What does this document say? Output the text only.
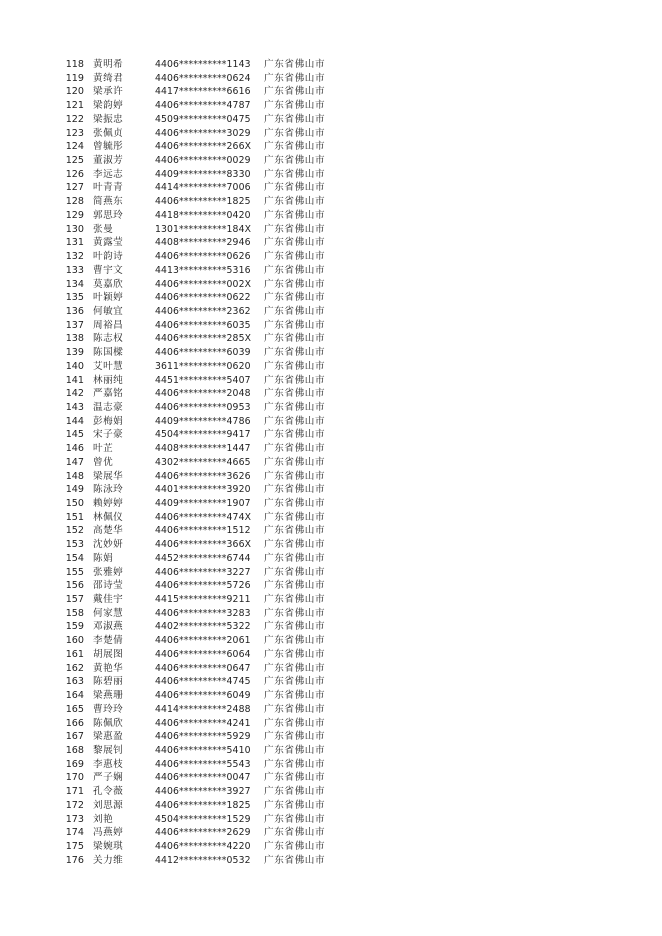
118 黄明希	4406**********1143	广东省佛山市
119 黄绮君	4406**********0624	广东省佛山市
120 梁承许	4417**********6616	广东省佛山市
121 梁韵婷	4406**********4787	广东省佛山市
122 梁振忠	4509**********0475	广东省佛山市
123 张佩贞	4406**********3029	广东省佛山市
124 曾毓彤	4406**********266X	广东省佛山市
125 董淑芳	4406**********0029	广东省佛山市
126 李远志	4409**********8330	广东省佛山市
127 叶青青	4414**********7006	广东省佛山市
128 简燕东	4406**********1825	广东省佛山市
129 郭思玲	4418**********0420	广东省佛山市
130 张曼	1301**********184X	广东省佛山市
131 黄露莹	4408**********2946	广东省佛山市
132 叶韵诗	4406**********0626	广东省佛山市
133 曹宇文	4413**********5316	广东省佛山市
134 莫嘉欣	4406**********002X	广东省佛山市
135 叶颖婷	4406**********0622	广东省佛山市
136 何敏宜	4406**********2362	广东省佛山市
137 周裕昌	4406**********6035	广东省佛山市
138 陈志权	4406**********285X	广东省佛山市
139 陈国樑	4406**********6039	广东省佛山市
140 艾叶慧	3611**********0620	广东省佛山市
141 林丽纯	4451**********5407	广东省佛山市
142 严嘉铭	4406**********2048	广东省佛山市
143 温志豪	4406**********0953	广东省佛山市
144 彭梅娟	4409**********4786	广东省佛山市
145 宋子豪	4504**********9417	广东省佛山市
146 叶芷	4408**********1447	广东省佛山市
147 曾优	4302**********4665	广东省佛山市
148 梁展华	4406**********3626	广东省佛山市
149 陈泳玲	4401**********3920	广东省佛山市
150 赖婷婷	4409**********1907	广东省佛山市
151 林佩仪	4406**********474X	广东省佛山市
152 高楚华	4406**********1512	广东省佛山市
153 沈妙妍	4406**********366X	广东省佛山市
154 陈娟	4452**********6744	广东省佛山市
155 张雅婷	4406**********3227	广东省佛山市
156 邵诗莹	4406**********5726	广东省佛山市
157 戴佳宇	4415**********9211	广东省佛山市
158 何家慧	4406**********3283	广东省佛山市
159 邓淑燕	4402**********5322	广东省佛山市
160 李楚倩	4406**********2061	广东省佛山市
161 胡展图	4406**********6064	广东省佛山市
162 黄艳华	4406**********0647	广东省佛山市
163 陈碧丽	4406**********4745	广东省佛山市
164 梁燕珊	4406**********6049	广东省佛山市
165 曹玲玲	4414**********2488	广东省佛山市
166 陈佩欣	4406**********4241	广东省佛山市
167 梁惠盈	4406**********5929	广东省佛山市
168 黎展钊	4406**********5410	广东省佛山市
169 李惠枝	4406**********5543	广东省佛山市
170 严子娴	4406**********0047	广东省佛山市
171 孔令薇	4406**********3927	广东省佛山市
172 刘思源	4406**********1825	广东省佛山市
173 刘艳	4504**********1529	广东省佛山市
174 冯燕婷	4406**********2629	广东省佛山市
175 梁婉琪	4406**********4220	广东省佛山市
176 关力维	4412**********0532	广东省佛山市
